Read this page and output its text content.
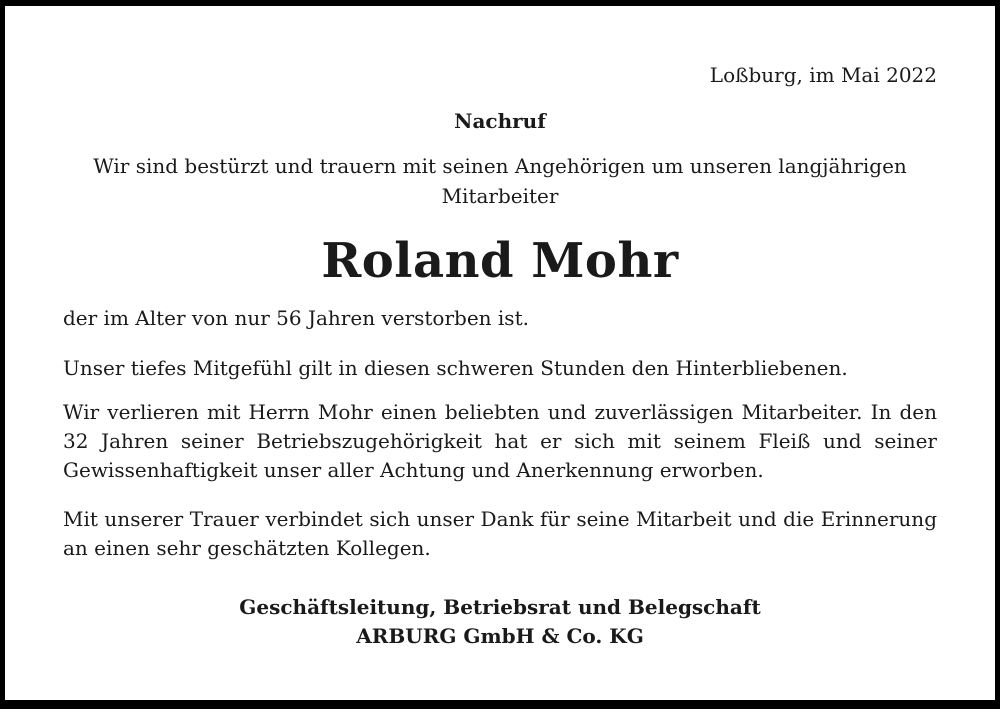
Loßburg, im Mai 2022
Nachruf
Wir sind bestürzt und trauern mit seinen Angehörigen um unseren langjährigen Mitarbeiter
Roland Mohr

der im Alter von nur 56 Jahren verstorben ist.

Unser tiefes Mitgefühl gilt in diesen schweren Stunden den Hinterbliebenen.

Wir verlieren mit Herrn Mohr einen beliebten und zuverlässigen Mitarbeiter. In den 32 Jahren seiner Betriebszugehörigkeit hat er sich mit seinem Fleiß und seiner Gewissenhaftigkeit unser aller Achtung und Anerkennung erworben.

Mit unserer Trauer verbindet sich unser Dank für seine Mitarbeit und die Erinnerung an einen sehr geschätzten Kollegen.

Geschäftsleitung, Betriebsrat und Belegschaft
ARBURG GmbH & Co. KG
